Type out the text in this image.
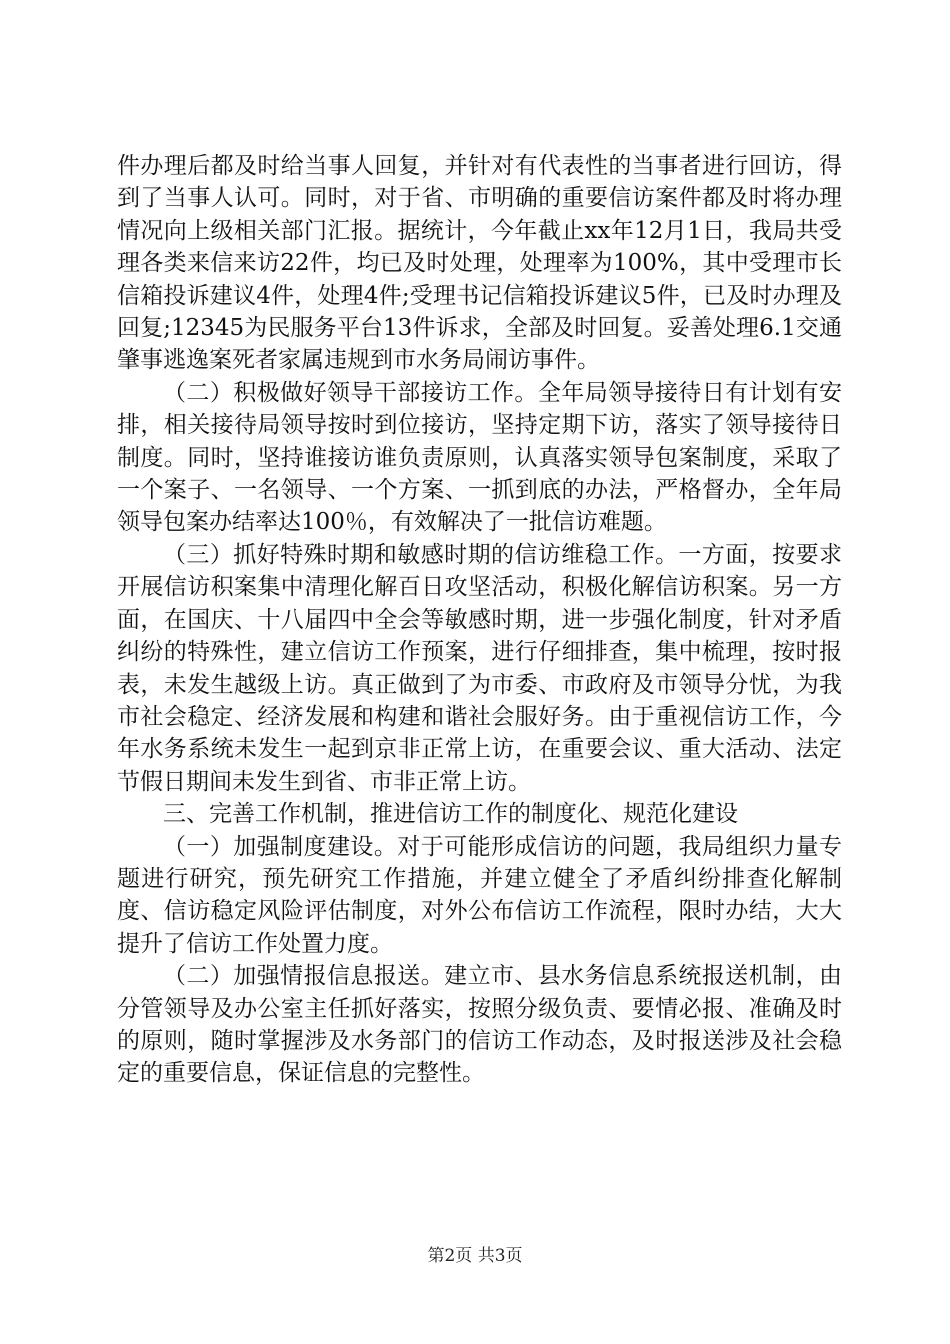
件办理后都及时给当事人回复，并针对有代表性的当事者进行回访，得到了当事人认可。同时，对于省、市明确的重要信访案件都及时将办理情况向上级相关部门汇报。据统计，今年截止xx年12月1日，我局共受理各类来信来访22件，均已及时处理，处理率为100%，其中受理市长信箱投诉建议4件，处理4件;受理书记信箱投诉建议5件，已及时办理及回复;12345为民服务平台13件诉求，全部及时回复。妥善处理6.1交通肇事逃逸案死者家属违规到市水务局闹访事件。

（二）积极做好领导干部接访工作。全年局领导接待日有计划有安排，相关接待局领导按时到位接访，坚持定期下访，落实了领导接待日制度。同时，坚持谁接访谁负责原则，认真落实领导包案制度，采取了一个案子、一名领导、一个方案、一抓到底的办法，严格督办，全年局领导包案办结率达100％，有效解决了一批信访难题。

（三）抓好特殊时期和敏感时期的信访维稳工作。一方面，按要求开展信访积案集中清理化解百日攻坚活动，积极化解信访积案。另一方面，在国庆、十八届四中全会等敏感时期，进一步强化制度，针对矛盾纠纷的特殊性，建立信访工作预案，进行仔细排查，集中梳理，按时报表，未发生越级上访。真正做到了为市委、市政府及市领导分忧，为我市社会稳定、经济发展和构建和谐社会服好务。由于重视信访工作，今年水务系统未发生一起到京非正常上访，在重要会议、重大活动、法定节假日期间未发生到省、市非正常上访。

三、完善工作机制，推进信访工作的制度化、规范化建设

（一）加强制度建设。对于可能形成信访的问题，我局组织力量专题进行研究，预先研究工作措施，并建立健全了矛盾纠纷排查化解制度、信访稳定风险评估制度，对外公布信访工作流程，限时办结，大大提升了信访工作处置力度。

（二）加强情报信息报送。建立市、县水务信息系统报送机制，由分管领导及办公室主任抓好落实，按照分级负责、要情必报、准确及时的原则，随时掌握涉及水务部门的信访工作动态，及时报送涉及社会稳定的重要信息，保证信息的完整性。

第2页 共3页
